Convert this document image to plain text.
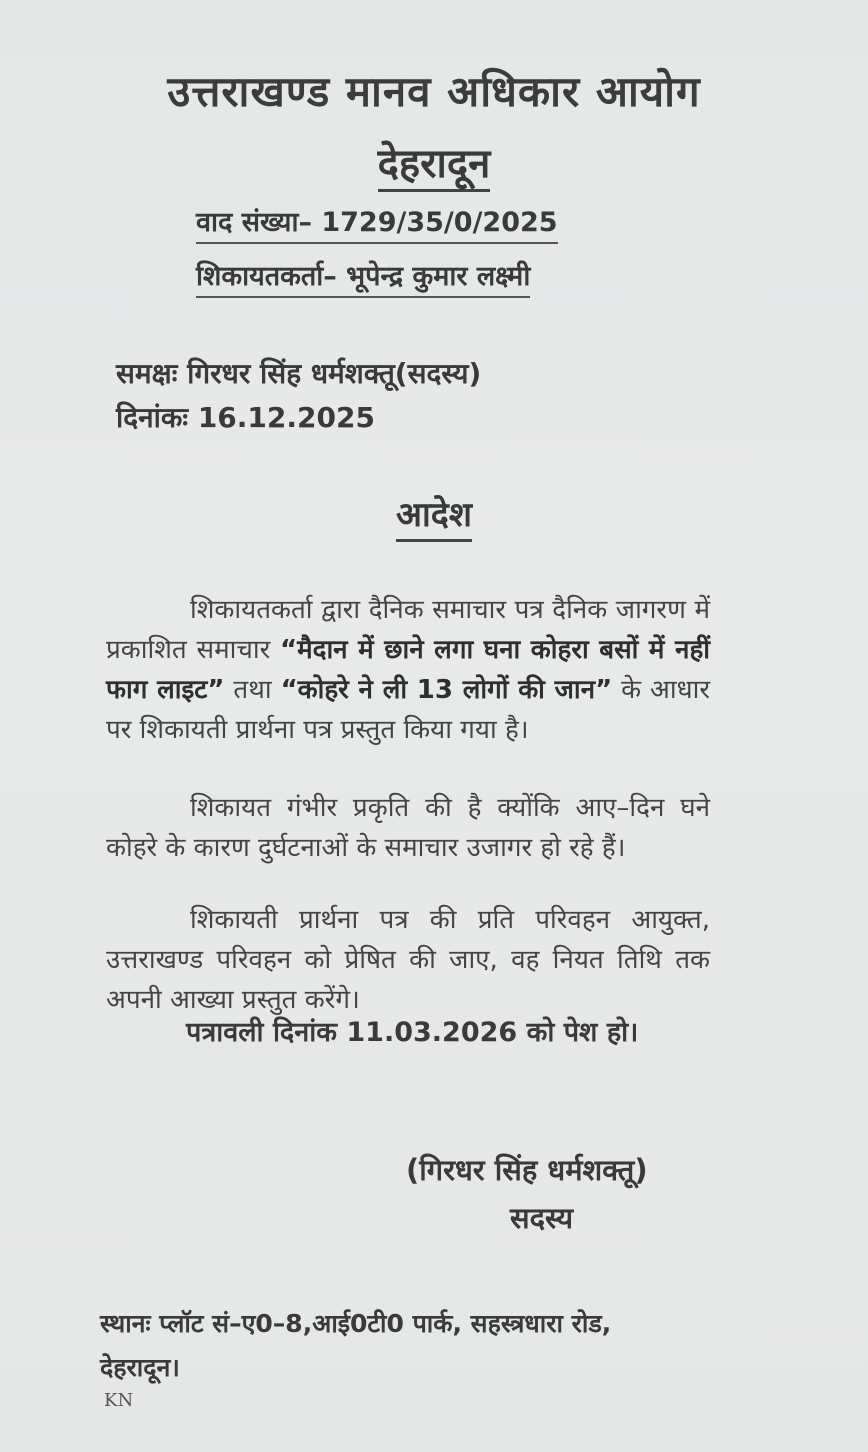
उत्तराखण्ड मानव अधिकार आयोग
देहरादून
वाद संख्या– 1729/35/0/2025
शिकायतकर्ता– भूपेन्द्र कुमार लक्ष्मी
समक्षः गिरधर सिंह धर्मशक्तू(सदस्य)
दिनांकः 16.12.2025
आदेश
शिकायतकर्ता द्वारा दैनिक समाचार पत्र दैनिक जागरण में प्रकाशित समाचार “मैदान में छाने लगा घना कोहरा बसों में नहीं फाग लाइट” तथा “कोहरे ने ली 13 लोगों की जान” के आधार पर शिकायती प्रार्थना पत्र प्रस्तुत किया गया है।
शिकायत गंभीर प्रकृति की है क्योंकि आए–दिन घने कोहरे के कारण दुर्घटनाओं के समाचार उजागर हो रहे हैं।
शिकायती प्रार्थना पत्र की प्रति परिवहन आयुक्त, उत्तराखण्ड परिवहन को प्रेषित की जाए, वह नियत तिथि तक अपनी आख्या प्रस्तुत करेंगे।
पत्रावली दिनांक 11.03.2026 को पेश हो।
(गिरधर सिंह धर्मशक्तू)
सदस्य
स्थानः प्लॉट सं–ए0–8,आई0टी0 पार्क, सहस्त्रधारा रोड,
देहरादून।
KN
